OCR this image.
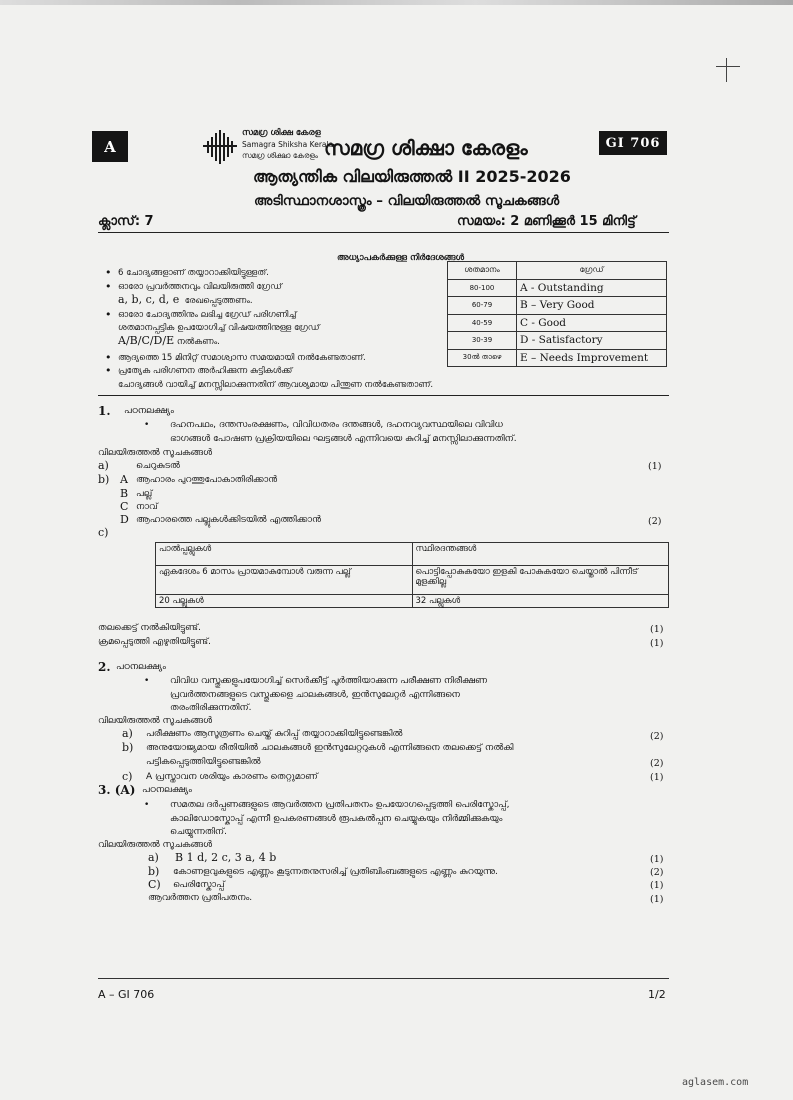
A	GI 706
സമഗ്ര ശിക്ഷ കേരള
Samagra Shiksha Kerala
സമഗ്ര ശിക്ഷാ കേരളം സമഗ്ര ശിക്ഷാ കേരളം
ആത്യന്തിക വിലയിരുത്തൽ II 2025-2026
അടിസ്ഥാനശാസ്ത്രം – വിലയിരുത്തൽ സൂചകങ്ങൾ
ക്ലാസ്: 7	സമയം: 2 മണിക്കൂർ 15 മിനിട്ട്
അധ്യാപകർക്കുള്ള നിർദേശങ്ങൾ
• 6 ചോദ്യങ്ങളാണ് തയ്യാറാക്കിയിട്ടുള്ളത്.
• ഓരോ പ്രവർത്തനവും വിലയിരുത്തി ഗ്രേഡ്
a, b, c, d, e രേഖപ്പെടുത്തണം.
• ഓരോ ചോദ്യത്തിനും ലഭിച്ച ഗ്രേഡ് പരിഗണിച്ച്
ശതമാനപ്പട്ടിക ഉപയോഗിച്ച് വിഷയത്തിനുള്ള ഗ്രേഡ്
A/B/C/D/E നൽകണം.
• ആദ്യത്തെ 15 മിനിറ്റ് സമാശ്വാസ സമയമായി നൽകേണ്ടതാണ്.
• പ്രത്യേക പരിഗണന അർഹിക്കുന്ന കുട്ടികൾക്ക്
ചോദ്യങ്ങൾ വായിച്ച് മനസ്സിലാക്കുന്നതിന് ആവശ്യമായ പിന്തുണ നൽകേണ്ടതാണ്.
ശതമാനം	ഗ്രേഡ്
80-100	A - Outstanding
60-79	B – Very Good
40-59	C - Good
30-39	D - Satisfactory
30ൽ താഴെ	E – Needs Improvement
1. പഠനലക്ഷ്യം
• ദഹനപഥം, ദന്തസംരക്ഷണം, വിവിധതരം ദന്തങ്ങൾ, ദഹനവ്യവസ്ഥയിലെ വിവിധ
ഭാഗങ്ങൾ പോഷണ പ്രക്രിയയിലെ ഘട്ടങ്ങൾ എന്നിവയെ കുറിച്ച് മനസ്സിലാക്കുന്നതിന്.
വിലയിരുത്തൽ സൂചകങ്ങൾ
a)	ചെറുകുടൽ	(1)
b) A ആഹാരം പുറത്തുപോകാതിരിക്കാൻ
B പല്ല്
C നാവ്
D ആഹാരത്തെ പല്ലുകൾക്കിടയിൽ എത്തിക്കാൻ	(2)
c)
പാൽപ്പല്ലുകൾ	സ്ഥിരദന്തങ്ങൾ
ഏകദേശം 6 മാസം പ്രായമാകുമ്പോൾ വരുന്ന പല്ല്	പൊട്ടിപ്പോകുകയോ ഇളകി പോകുകയോ ചെയ്താൽ പിന്നീട് മുളക്കില്ല
20 പല്ലുകൾ	32 പല്ലുകൾ
തലക്കെട്ട് നൽകിയിട്ടുണ്ട്.	(1)
ക്രമപ്പെടുത്തി എഴുതിയിട്ടുണ്ട്.	(1)
2. പഠനലക്ഷ്യം
• വിവിധ വസ്തുക്കളുപയോഗിച്ച് സെർക്കീട്ട് പൂർത്തിയാക്കുന്ന പരീക്ഷണ നിരീക്ഷണ
പ്രവർത്തനങ്ങളുടെ വസ്തുക്കളെ ചാലകങ്ങൾ, ഇൻസുലേറ്റർ എന്നിങ്ങനെ
തരംതിരിക്കുന്നതിന്.
വിലയിരുത്തൽ സൂചകങ്ങൾ
a) പരീക്ഷണം ആസൂത്രണം ചെയ്ത് കുറിപ്പ് തയ്യാറാക്കിയിട്ടുണ്ടെങ്കിൽ	(2)
b) അനുയോജ്യമായ രീതിയിൽ ചാലകങ്ങൾ ഇൻസുലേറ്ററുകൾ എന്നിങ്ങനെ തലക്കെട്ട് നൽകി
പട്ടികപ്പെടുത്തിയിട്ടുണ്ടെങ്കിൽ	(2)
c) A പ്രസ്താവന ശരിയും കാരണം തെറ്റുമാണ്	(1)
3. (A) പഠനലക്ഷ്യം
• സമതല ദർപ്പണങ്ങളുടെ ആവർത്തന പ്രതിപതനം ഉപയോഗപ്പെടുത്തി പെരിസ്കോപ്പ്,
കാലിഡോസ്കോപ്പ് എന്നീ ഉപകരണങ്ങൾ രൂപകൽപ്പന ചെയ്യുകയും നിർമ്മിക്കുകയും
ചെയ്യുന്നതിന്.
വിലയിരുത്തൽ സൂചകങ്ങൾ
a) B 1 d, 2 c, 3 a, 4 b	(1)
b) കോണളവുകളുടെ എണ്ണം കൂടുന്നതനുസരിച്ച് പ്രതിബിംബങ്ങളുടെ എണ്ണം കുറയുന്നു.	(2)
C) പെരിസ്കോപ്പ്	(1)
ആവർത്തന പ്രതിപതനം.	(1)
A – GI 706	1/2
aglasem.com
